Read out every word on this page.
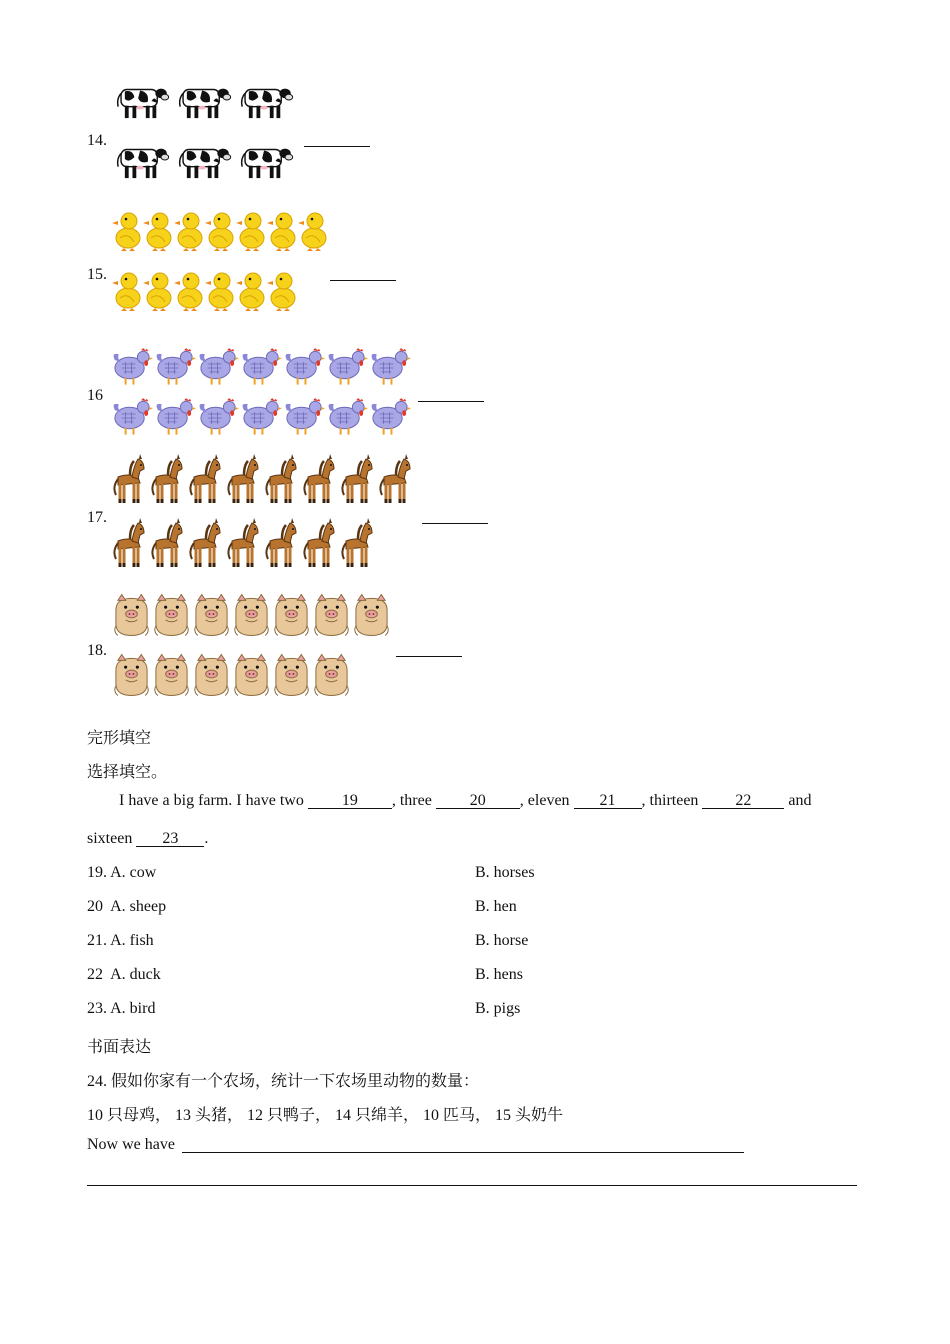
14.
15.
16
17.
18.
完形填空
选择填空。
I have a big farm. I have two 19 , three 20 , eleven 21 , thirteen 22 and
sixteen 23 .
19. A. cow	B. horses
20  A. sheep	B. hen
21. A. fish	B. horse
22  A. duck	B. hens
23. A. bird	B. pigs
书面表达
24. 假如你家有一个农场，统计一下农场里动物的数量：
10 只母鸡， 13 头猪， 12 只鸭子， 14 只绵羊， 10 匹马， 15 头奶牛
Now we have
